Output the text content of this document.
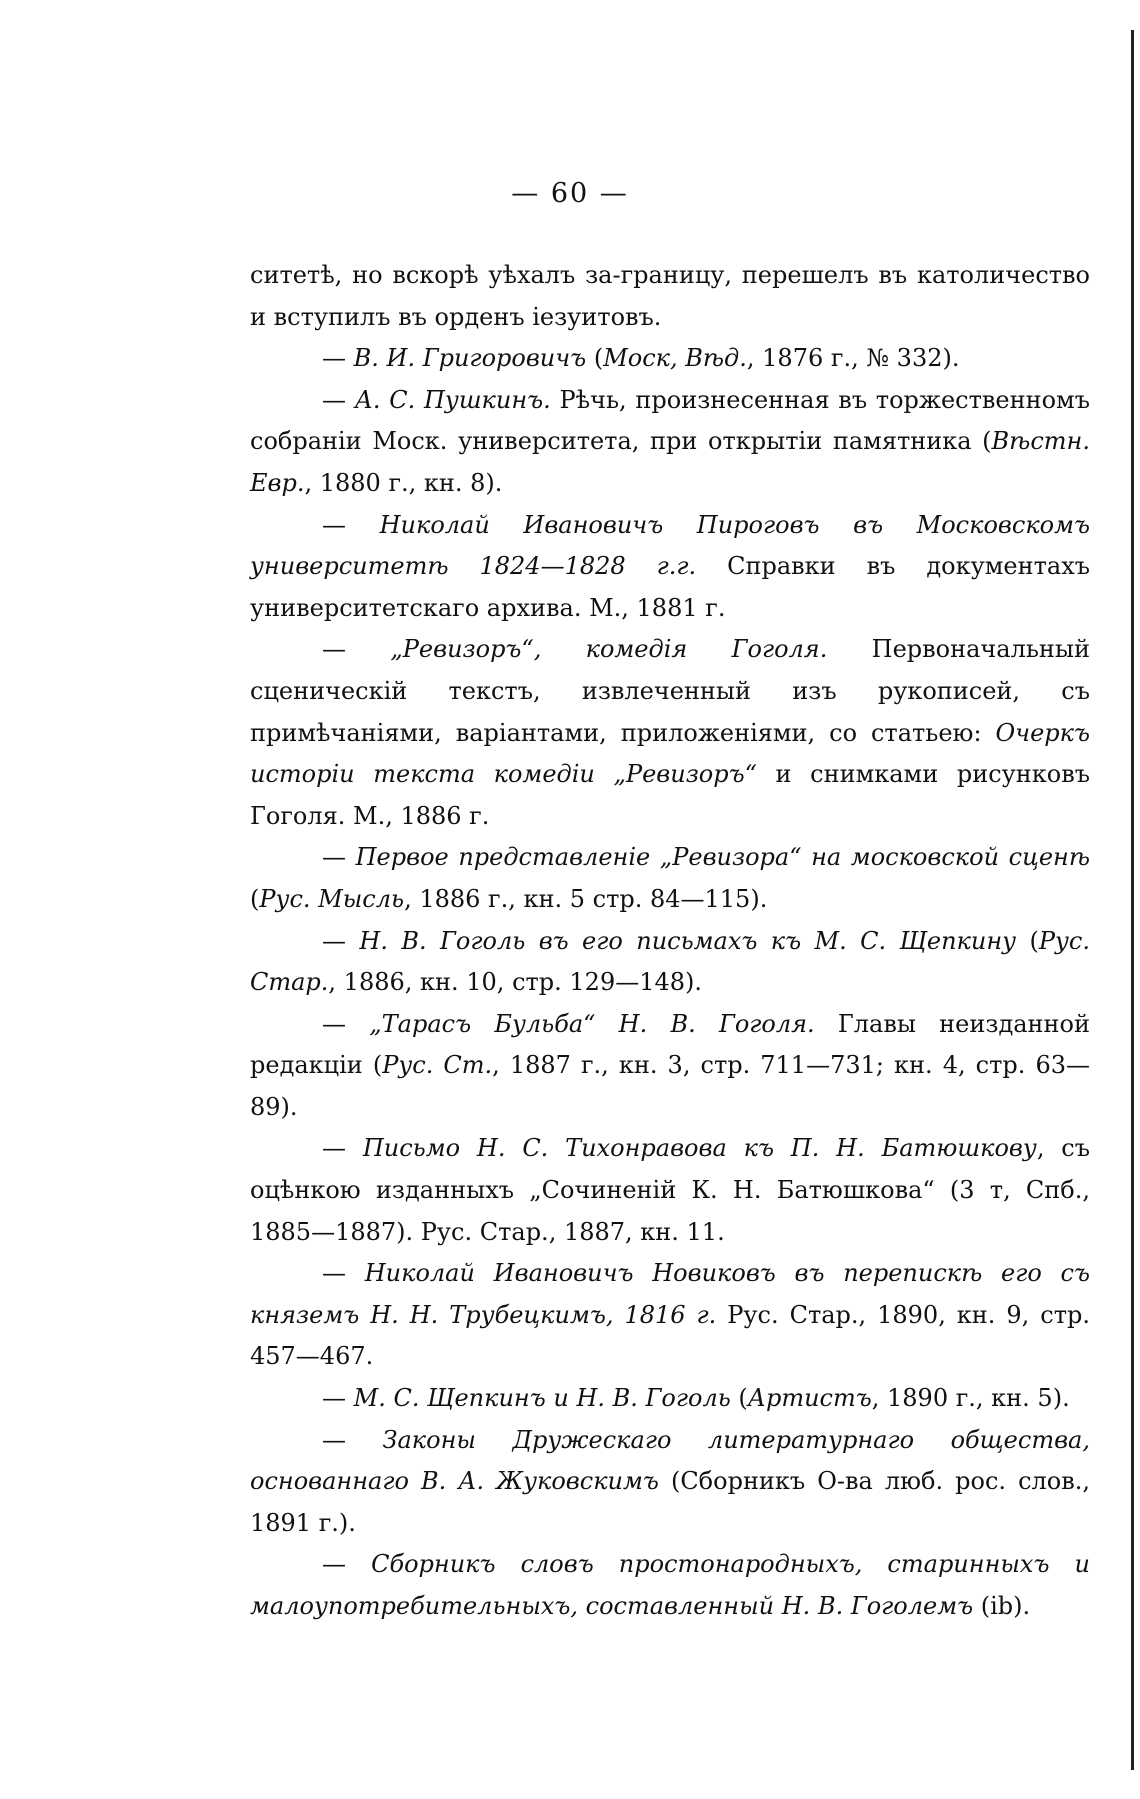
— 60 —

ситетѣ, но вскорѣ уѣхалъ за-границу, перешелъ въ католичество и вступилъ въ орденъ іезуитовъ.

— В. И. Григоровичъ (Моск, Вѣд., 1876 г., № 332).

— А. С. Пушкинъ. Рѣчь, произнесенная въ торжественномъ собраніи Моск. университета, при открытіи памятника (Вѣстн. Евр., 1880 г., кн. 8).

— Николай Ивановичъ Пироговъ въ Московскомъ университетѣ 1824—1828 г.г. Справки въ документахъ университетскаго архива. М., 1881 г.

— „Ревизоръ“, комедія Гоголя. Первоначальный сценическій текстъ, извлеченный изъ рукописей, съ примѣчаніями, варіантами, приложеніями, со статьею: Очеркъ исторіи текста комедіи „Ревизоръ“ и снимками рисунковъ Гоголя. М., 1886 г.

— Первое представленіе „Ревизора“ на московской сценѣ (Рус. Мысль, 1886 г., кн. 5 стр. 84—115).

— Н. В. Гоголь въ его письмахъ къ М. С. Щепкину (Рус. Стар., 1886, кн. 10, стр. 129—148).

— „Тарасъ Бульба“ Н. В. Гоголя. Главы неизданной редакціи (Рус. Ст., 1887 г., кн. 3, стр. 711—731; кн. 4, стр. 63—89).

— Письмо Н. С. Тихонравова къ П. Н. Батюшкову, съ оцѣнкою изданныхъ „Сочиненій К. Н. Батюшкова“ (3 т, Спб., 1885—1887). Рус. Стар., 1887, кн. 11.

— Николай Ивановичъ Новиковъ въ перепискѣ его съ княземъ Н. Н. Трубецкимъ, 1816 г. Рус. Стар., 1890, кн. 9, стр. 457—467.

— М. С. Щепкинъ и Н. В. Гоголь (Артистъ, 1890 г., кн. 5).

— Законы Дружескаго литературнаго общества, основаннаго В. А. Жуковскимъ (Сборникъ О-ва люб. рос. слов., 1891 г.).

— Сборникъ словъ простонародныхъ, старинныхъ и малоупотребительныхъ, составленный Н. В. Гоголемъ (ib).
